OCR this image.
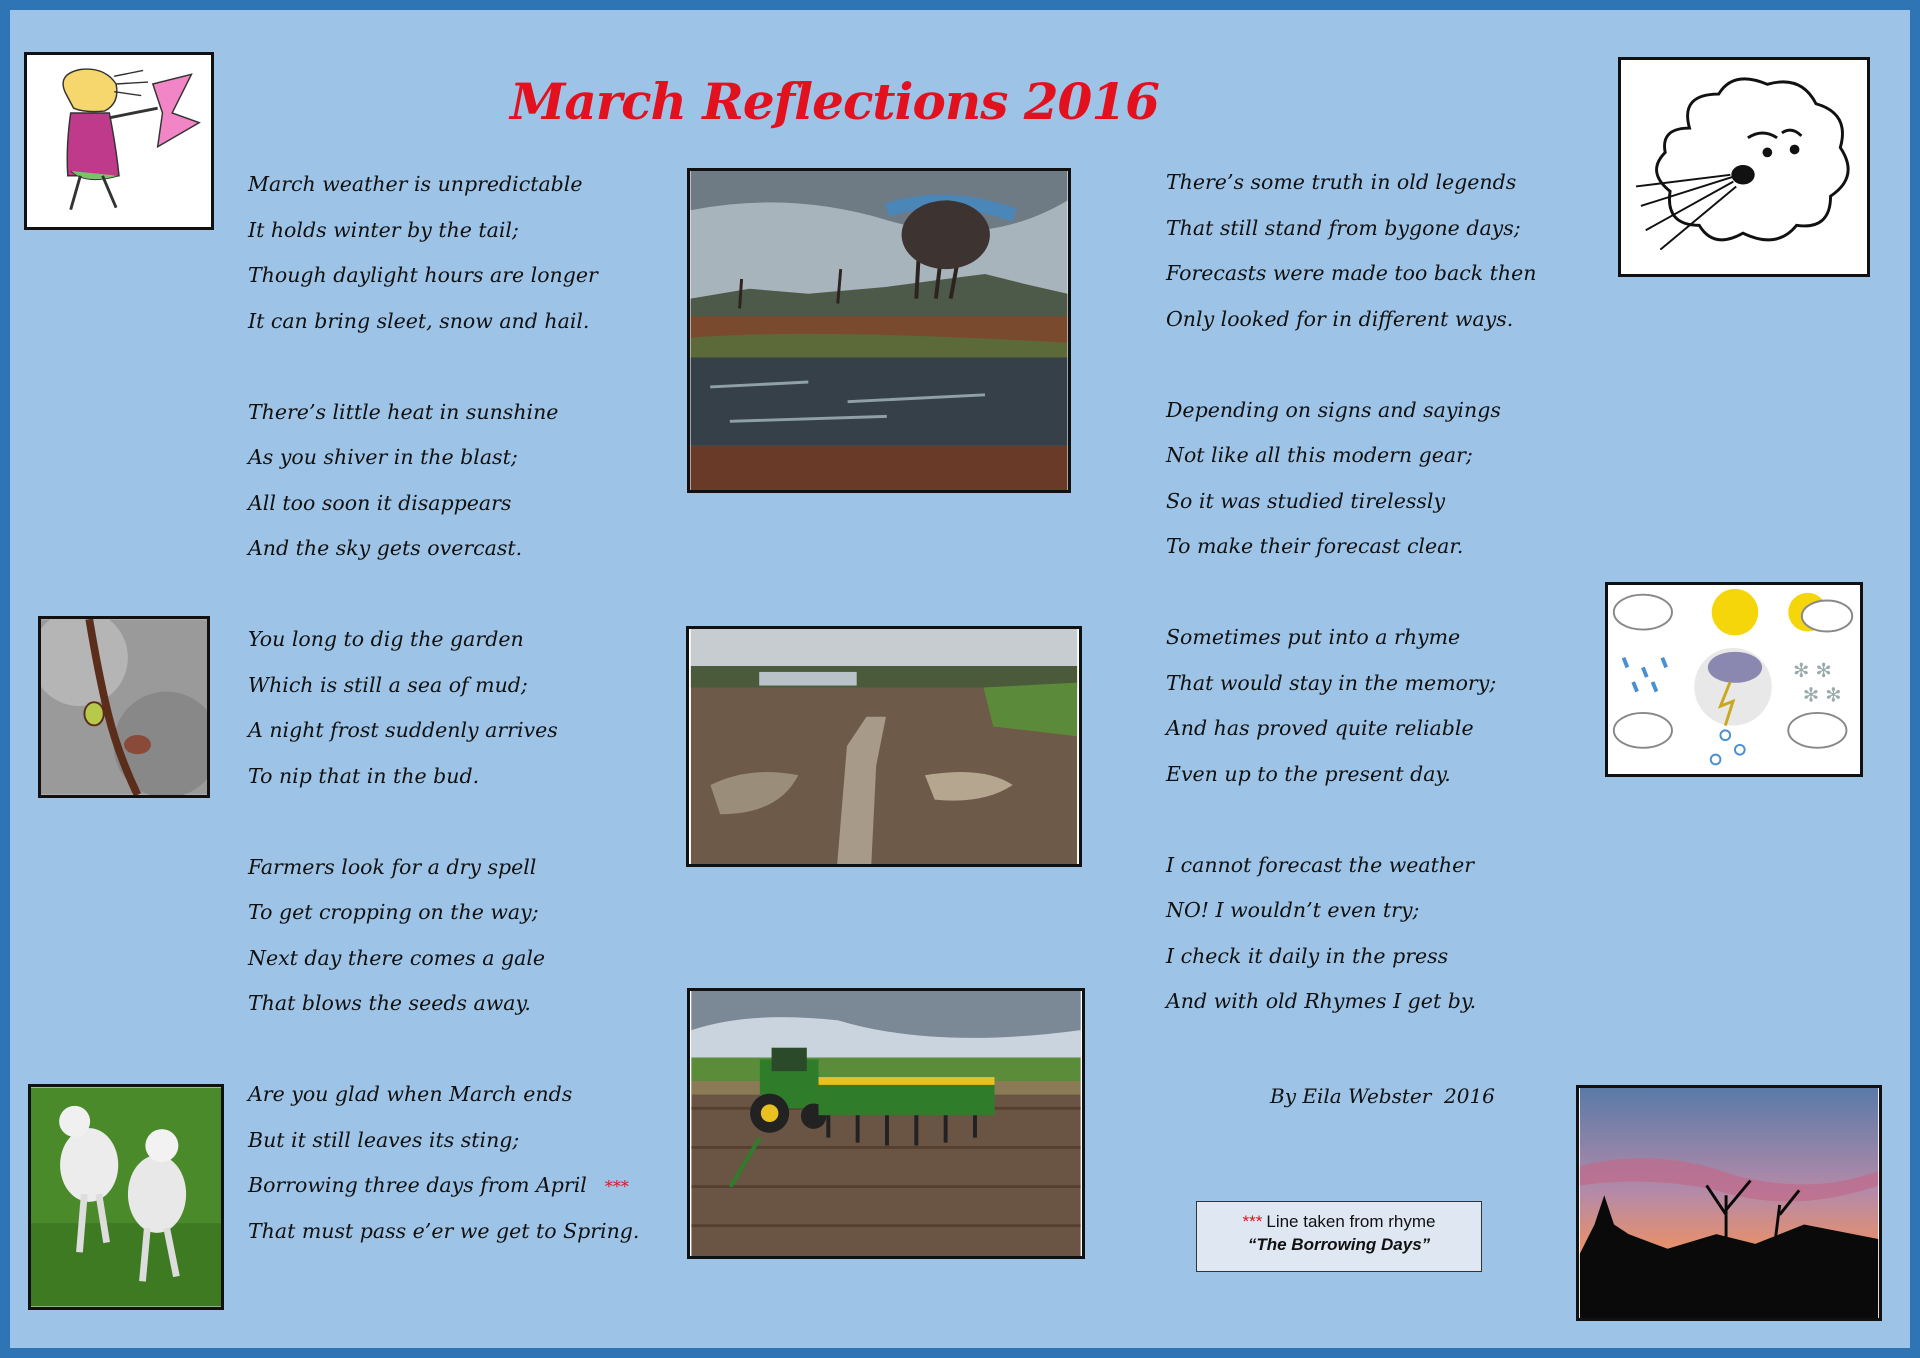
March Reflections 2016
March weather is unpredictable
It holds winter by the tail;
Though daylight hours are longer
It can bring sleet, snow and hail.
There’s little heat in sunshine
As you shiver in the blast;
All too soon it disappears
And the sky gets overcast.
You long to dig the garden
Which is still a sea of mud;
A night frost suddenly arrives
To nip that in the bud.
Farmers look for a dry spell
To get cropping on the way;
Next day there comes a gale
That blows the seeds away.
Are you glad when March ends
But it still leaves its sting;
Borrowing three days from April ***
That must pass e’er we get to Spring.
There’s some truth in old legends
That still stand from bygone days;
Forecasts were made too back then
Only looked for in different ways.
Depending on signs and sayings
Not like all this modern gear;
So it was studied tirelessly
To make their forecast clear.
Sometimes put into a rhyme
That would stay in the memory;
And has proved quite reliable
Even up to the present day.
I cannot forecast the weather
NO! I wouldn’t even try;
I check it daily in the press
And with old Rhymes I get by.
By Eila Webster  2016
*** Line taken from rhyme
“The Borrowing Days”
✻ ✻
✻ ✻
